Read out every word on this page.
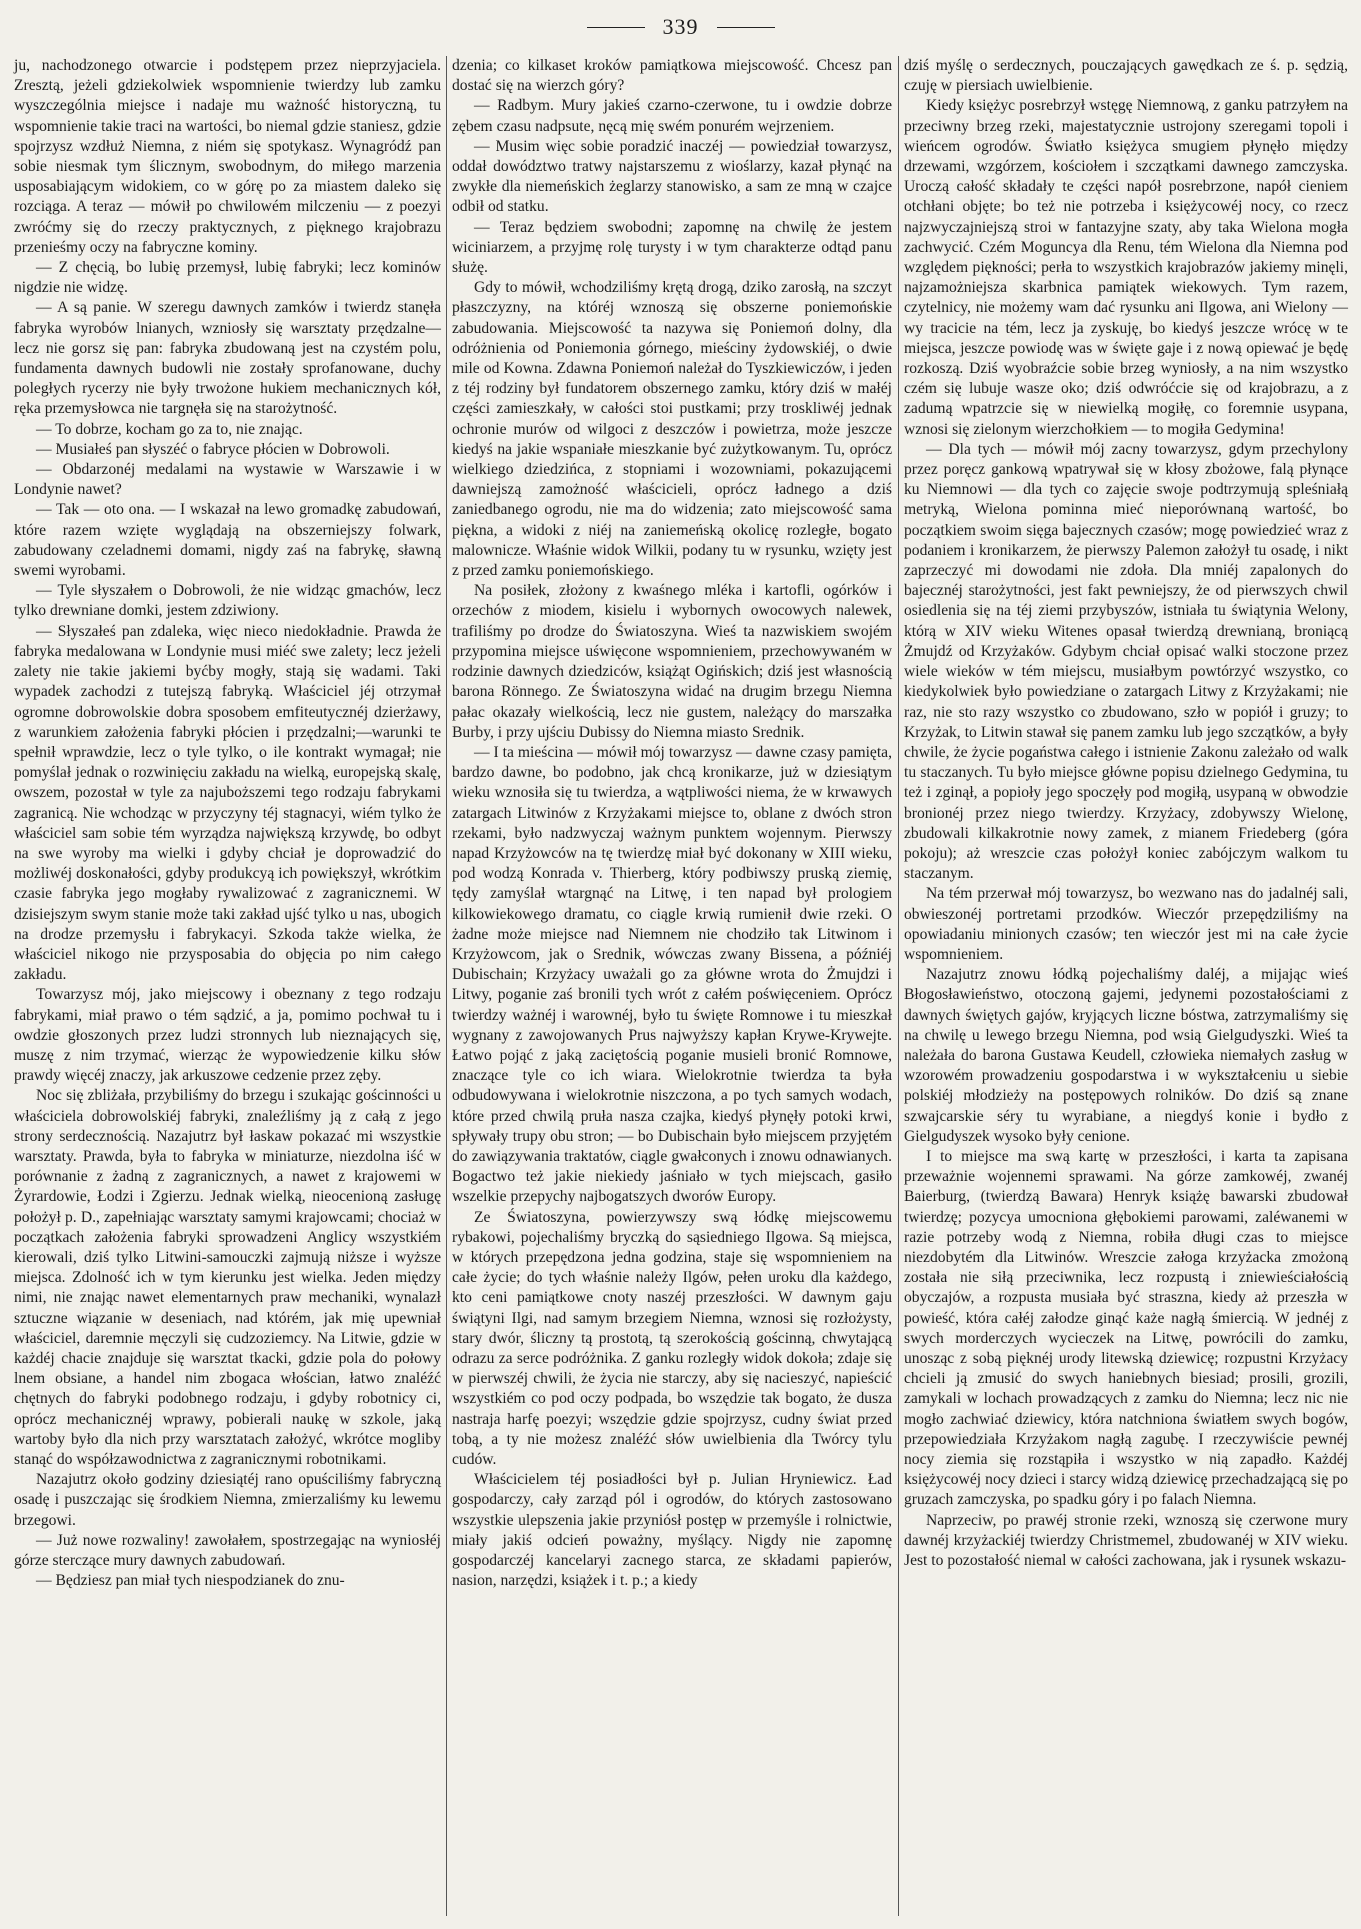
339

ju, nachodzonego otwarcie i podstępem przez nieprzyjaciela. Zresztą, jeżeli gdziekolwiek wspomnienie twierdzy lub zamku wyszczególnia miejsce i nadaje mu ważność historyczną, tu wspomnienie takie traci na wartości, bo niemal gdzie staniesz, gdzie spojrzysz wzdłuż Niemna, z niém się spotykasz. Wynagródź pan sobie niesmak tym ślicznym, swobodnym, do miłego marzenia usposabiającym widokiem, co w górę po za miastem daleko się rozciąga. A teraz — mówił po chwilowém milczeniu — z poezyi zwróćmy się do rzeczy praktycznych, z pięknego krajobrazu przenieśmy oczy na fabryczne kominy.

— Z chęcią, bo lubię przemysł, lubię fabryki; lecz kominów nigdzie nie widzę.

— A są panie. W szeregu dawnych zamków i twierdz stanęła fabryka wyrobów lnianych, wzniosły się warsztaty przędzalne—lecz nie gorsz się pan: fabryka zbudowaną jest na czystém polu, fundamenta dawnych budowli nie zostały sprofanowane, duchy poległych rycerzy nie były trwożone hukiem mechanicznych kół, ręka przemysłowca nie targnęła się na starożytność.

— To dobrze, kocham go za to, nie znając.

— Musiałeś pan słyszéć o fabryce płócien w Dobrowoli.

— Obdarzonéj medalami na wystawie w Warszawie i w Londynie nawet?

— Tak — oto ona. — I wskazał na lewo gromadkę zabudowań, które razem wzięte wyglądają na obszerniejszy folwark, zabudowany czeladnemi domami, nigdy zaś na fabrykę, sławną swemi wyrobami.

— Tyle słyszałem o Dobrowoli, że nie widząc gmachów, lecz tylko drewniane domki, jestem zdziwiony.

— Słyszałeś pan zdaleka, więc nieco niedokładnie. Prawda że fabryka medalowana w Londynie musi miéć swe zalety; lecz jeżeli zalety nie takie jakiemi byćby mogły, stają się wadami. Taki wypadek zachodzi z tutejszą fabryką. Właściciel jéj otrzymał ogromne dobrowolskie dobra sposobem emfiteutycznéj dzierżawy, z warunkiem założenia fabryki płócien i przędzalni;—warunki te spełnił wprawdzie, lecz o tyle tylko, o ile kontrakt wymagał; nie pomyślał jednak o rozwinięciu zakładu na wielką, europejską skalę, owszem, pozostał w tyle za najuboższemi tego rodzaju fabrykami zagranicą. Nie wchodząc w przyczyny téj stagnacyi, wiém tylko że właściciel sam sobie tém wyrządza największą krzywdę, bo odbyt na swe wyroby ma wielki i gdyby chciał je doprowadzić do możliwéj doskonałości, gdyby produkcyą ich powiększył, wkrótkim czasie fabryka jego mogłaby rywalizować z zagranicznemi. W dzisiejszym swym stanie może taki zakład ujść tylko u nas, ubogich na drodze przemysłu i fabrykacyi. Szkoda także wielka, że właściciel nikogo nie przysposabia do objęcia po nim całego zakładu.

Towarzysz mój, jako miejscowy i obeznany z tego rodzaju fabrykami, miał prawo o tém sądzić, a ja, pomimo pochwał tu i owdzie głoszonych przez ludzi stronnych lub nieznających się, muszę z nim trzymać, wierząc że wypowiedzenie kilku słów prawdy więcéj znaczy, jak arkuszowe cedzenie przez zęby.

Noc się zbliżała, przybiliśmy do brzegu i szukając gościnności u właściciela dobrowolskiéj fabryki, znaleźliśmy ją z całą z jego strony serdecznością. Nazajutrz był łaskaw pokazać mi wszystkie warsztaty. Prawda, była to fabryka w miniaturze, niezdolna iść w porównanie z żadną z zagranicznych, a nawet z krajowemi w Żyrardowie, Łodzi i Zgierzu. Jednak wielką, nieocenioną zasługę położył p. D., zapełniając warsztaty samymi krajowcami; chociaż w początkach założenia fabryki sprowadzeni Anglicy wszystkiém kierowali, dziś tylko Litwini-samouczki zajmują niższe i wyższe miejsca. Zdolność ich w tym kierunku jest wielka. Jeden między nimi, nie znając nawet elementarnych praw mechaniki, wynalazł sztuczne wiązanie w deseniach, nad którém, jak mię upewniał właściciel, daremnie męczyli się cudzoziemcy. Na Litwie, gdzie w każdéj chacie znajduje się warsztat tkacki, gdzie pola do połowy lnem obsiane, a handel nim zbogaca włościan, łatwo znaléźć chętnych do fabryki podobnego rodzaju, i gdyby robotnicy ci, oprócz mechanicznéj wprawy, pobierali naukę w szkole, jaką wartoby było dla nich przy warsztatach założyć, wkrótce mogliby stanąć do współzawodnictwa z zagranicznymi robotnikami.

Nazajutrz około godziny dziesiątéj rano opuściliśmy fabryczną osadę i puszczając się środkiem Niemna, zmierzaliśmy ku lewemu brzegowi.

— Już nowe rozwaliny! zawołałem, spostrzegając na wyniosłéj górze sterczące mury dawnych zabudowań.

— Będziesz pan miał tych niespodzianek do znu-

dzenia; co kilkaset kroków pamiątkowa miejscowość. Chcesz pan dostać się na wierzch góry?

— Radbym. Mury jakieś czarno-czerwone, tu i owdzie dobrze zębem czasu nadpsute, nęcą mię swém ponurém wejrzeniem.

— Musim więc sobie poradzić inaczéj — powiedział towarzysz, oddał dowództwo tratwy najstarszemu z wioślarzy, kazał płynąć na zwykłe dla niemeńskich żeglarzy stanowisko, a sam ze mną w czajce odbił od statku.

— Teraz będziem swobodni; zapomnę na chwilę że jestem wiciniarzem, a przyjmę rolę turysty i w tym charakterze odtąd panu służę.

Gdy to mówił, wchodziliśmy krętą drogą, dziko zarosłą, na szczyt płaszczyzny, na któréj wznoszą się obszerne poniemońskie zabudowania. Miejscowość ta nazywa się Poniemoń dolny, dla odróżnienia od Poniemonia górnego, mieściny żydowskiéj, o dwie mile od Kowna. Zdawna Poniemoń należał do Tyszkiewiczów, i jeden z téj rodziny był fundatorem obszernego zamku, który dziś w małéj części zamieszkały, w całości stoi pustkami; przy troskliwéj jednak ochronie murów od wilgoci z deszczów i powietrza, może jeszcze kiedyś na jakie wspaniałe mieszkanie być zużytkowanym. Tu, oprócz wielkiego dziedzińca, z stopniami i wozowniami, pokazującemi dawniejszą zamożność właścicieli, oprócz ładnego a dziś zaniedbanego ogrodu, nie ma do widzenia; zato miejscowość sama piękna, a widoki z niéj na zaniemeńską okolicę rozległe, bogato malownicze. Właśnie widok Wilkii, podany tu w rysunku, wzięty jest z przed zamku poniemońskiego.

Na posiłek, złożony z kwaśnego mléka i kartofli, ogórków i orzechów z miodem, kisielu i wybornych owocowych nalewek, trafiliśmy po drodze do Światoszyna. Wieś ta nazwiskiem swojém przypomina miejsce uświęcone wspomnieniem, przechowywaném w rodzinie dawnych dziedziców, książąt Ogińskich; dziś jest własnością barona Rönnego. Ze Światoszyna widać na drugim brzegu Niemna pałac okazały wielkością, lecz nie gustem, należący do marszałka Burby, i przy ujściu Dubissy do Niemna miasto Srednik.

— I ta mieścina — mówił mój towarzysz — dawne czasy pamięta, bardzo dawne, bo podobno, jak chcą kronikarze, już w dziesiątym wieku wznosiła się tu twierdza, a wątpliwości niema, że w krwawych zatargach Litwinów z Krzyżakami miejsce to, oblane z dwóch stron rzekami, było nadzwyczaj ważnym punktem wojennym. Pierwszy napad Krzyżowców na tę twierdzę miał być dokonany w XIII wieku, pod wodzą Konrada v. Thierberg, który podbiwszy pruską ziemię, tędy zamyślał wtargnąć na Litwę, i ten napad był prologiem kilkowiekowego dramatu, co ciągle krwią rumienił dwie rzeki. O żadne może miejsce nad Niemnem nie chodziło tak Litwinom i Krzyżowcom, jak o Srednik, wówczas zwany Bissena, a późniéj Dubischain; Krzyżacy uważali go za główne wrota do Żmujdzi i Litwy, poganie zaś bronili tych wrót z całém poświęceniem. Oprócz twierdzy ważnéj i warownéj, było tu święte Romnowe i tu mieszkał wygnany z zawojowanych Prus najwyższy kapłan Krywe-Krywejte. Łatwo pojąć z jaką zaciętością poganie musieli bronić Romnowe, znaczące tyle co ich wiara. Wielokrotnie twierdza ta była odbudowywana i wielokrotnie niszczona, a po tych samych wodach, które przed chwilą pruła nasza czajka, kiedyś płynęły potoki krwi, spływały trupy obu stron; — bo Dubischain było miejscem przyjętém do zawiązywania traktatów, ciągle gwałconych i znowu odnawianych. Bogactwo też jakie niekiedy jaśniało w tych miejscach, gasiło wszelkie przepychy najbogatszych dworów Europy.

Ze Światoszyna, powierzywszy swą łódkę miejscowemu rybakowi, pojechaliśmy bryczką do sąsiedniego Ilgowa. Są miejsca, w których przepędzona jedna godzina, staje się wspomnieniem na całe życie; do tych właśnie należy Ilgów, pełen uroku dla każdego, kto ceni pamiątkowe cnoty naszéj przeszłości. W dawnym gaju świątyni Ilgi, nad samym brzegiem Niemna, wznosi się rozłożysty, stary dwór, śliczny tą prostotą, tą szerokością gościnną, chwytającą odrazu za serce podróżnika. Z ganku rozległy widok dokoła; zdaje się w pierwszéj chwili, że życia nie starczy, aby się nacieszyć, napieścić wszystkiém co pod oczy podpada, bo wszędzie tak bogato, że dusza nastraja harfę poezyi; wszędzie gdzie spojrzysz, cudny świat przed tobą, a ty nie możesz znaléźć słów uwielbienia dla Twórcy tylu cudów.

Właścicielem téj posiadłości był p. Julian Hryniewicz. Ład gospodarczy, cały zarząd pól i ogrodów, do których zastosowano wszystkie ulepszenia jakie przyniósł postęp w przemyśle i rolnictwie, miały jakiś odcień poważny, myślący. Nigdy nie zapomnę gospodarczéj kancelaryi zacnego starca, ze składami papierów, nasion, narzędzi, książek i t. p.; a kiedy

dziś myślę o serdecznych, pouczających gawędkach ze ś. p. sędzią, czuję w piersiach uwielbienie.

Kiedy księżyc posrebrzył wstęgę Niemnową, z ganku patrzyłem na przeciwny brzeg rzeki, majestatycznie ustrojony szeregami topoli i wieńcem ogrodów. Światło księżyca smugiem płynęło między drzewami, wzgórzem, kościołem i szczątkami dawnego zamczyska. Uroczą całość składały te części napół posrebrzone, napół cieniem otchłani objęte; bo też nie potrzeba i księżycowéj nocy, co rzecz najzwyczajniejszą stroi w fantazyjne szaty, aby taka Wielona mogła zachwycić. Czém Moguncya dla Renu, tém Wielona dla Niemna pod względem piękności; perła to wszystkich krajobrazów jakiemy minęli, najzamożniejsza skarbnica pamiątek wiekowych. Tym razem, czytelnicy, nie możemy wam dać rysunku ani Ilgowa, ani Wielony — wy tracicie na tém, lecz ja zyskuję, bo kiedyś jeszcze wrócę w te miejsca, jeszcze powiodę was w święte gaje i z nową opiewać je będę rozkoszą. Dziś wyobraźcie sobie brzeg wyniosły, a na nim wszystko czém się lubuje wasze oko; dziś odwróćcie się od krajobrazu, a z zadumą wpatrzcie się w niewielką mogiłę, co foremnie usypana, wznosi się zielonym wierzchołkiem — to mogiła Gedymina!

— Dla tych — mówił mój zacny towarzysz, gdym przechylony przez poręcz gankową wpatrywał się w kłosy zbożowe, falą płynące ku Niemnowi — dla tych co zajęcie swoje podtrzymują spleśniałą metryką, Wielona pominna mieć nieporównaną wartość, bo początkiem swoim sięga bajecznych czasów; mogę powiedzieć wraz z podaniem i kronikarzem, że pierwszy Palemon założył tu osadę, i nikt zaprzeczyć mi dowodami nie zdoła. Dla mniéj zapalonych do bajecznéj starożytności, jest fakt pewniejszy, że od pierwszych chwil osiedlenia się na téj ziemi przybyszów, istniała tu świątynia Welony, którą w XIV wieku Witenes opasał twierdzą drewnianą, broniącą Żmujdź od Krzyżaków. Gdybym chciał opisać walki stoczone przez wiele wieków w tém miejscu, musiałbym powtórzyć wszystko, co kiedykolwiek było powiedziane o zatargach Litwy z Krzyżakami; nie raz, nie sto razy wszystko co zbudowano, szło w popiół i gruzy; to Krzyżak, to Litwin stawał się panem zamku lub jego szczątków, a były chwile, że życie pogaństwa całego i istnienie Zakonu zależało od walk tu staczanych. Tu było miejsce główne popisu dzielnego Gedymina, tu też i zginął, a popioły jego spoczęły pod mogiłą, usypaną w obwodzie bronionéj przez niego twierdzy. Krzyżacy, zdobywszy Wielonę, zbudowali kilkakrotnie nowy zamek, z mianem Friedeberg (góra pokoju); aż wreszcie czas położył koniec zabójczym walkom tu staczanym.

Na tém przerwał mój towarzysz, bo wezwano nas do jadalnéj sali, obwieszonéj portretami przodków. Wieczór przepędziliśmy na opowiadaniu minionych czasów; ten wieczór jest mi na całe życie wspomnieniem.

Nazajutrz znowu łódką pojechaliśmy daléj, a mijając wieś Błogosławieństwo, otoczoną gajemi, jedynemi pozostałościami z dawnych świętych gajów, kryjących liczne bóstwa, zatrzymaliśmy się na chwilę u lewego brzegu Niemna, pod wsią Gielgudyszki. Wieś ta należała do barona Gustawa Keudell, człowieka niemałych zasług w wzorowém prowadzeniu gospodarstwa i w wykształceniu u siebie polskiéj młodzieży na postępowych rolników. Do dziś są znane szwajcarskie séry tu wyrabiane, a niegdyś konie i bydło z Gielgudyszek wysoko były cenione.

I to miejsce ma swą kartę w przeszłości, i karta ta zapisana przeważnie wojennemi sprawami. Na górze zamkowéj, zwanéj Baierburg, (twierdzą Bawara) Henryk książę bawarski zbudował twierdzę; pozycya umocniona głębokiemi parowami, zaléwanemi w razie potrzeby wodą z Niemna, robiła długi czas to miejsce niezdobytém dla Litwinów. Wreszcie załoga krzyżacka zmożoną została nie siłą przeciwnika, lecz rozpustą i zniewieściałością obyczajów, a rozpusta musiała być straszna, kiedy aż przeszła w powieść, która całéj załodze ginąć każe nagłą śmiercią. W jednéj z swych morderczych wycieczek na Litwę, powrócili do zamku, unosząc z sobą pięknéj urody litewską dziewicę; rozpustni Krzyżacy chcieli ją zmusić do swych haniebnych biesiad; prosili, grozili, zamykali w lochach prowadzących z zamku do Niemna; lecz nic nie mogło zachwiać dziewicy, która natchniona światłem swych bogów, przepowiedziała Krzyżakom nagłą zagubę. I rzeczywiście pewnéj nocy ziemia się rozstąpiła i wszystko w nią zapadło. Każdéj księżycowéj nocy dzieci i starcy widzą dziewicę przechadzającą się po gruzach zamczyska, po spadku góry i po falach Niemna.

Naprzeciw, po prawéj stronie rzeki, wznoszą się czerwone mury dawnéj krzyżackiéj twierdzy Christmemel, zbudowanéj w XIV wieku. Jest to pozostałość niemal w całości zachowana, jak i rysunek wskazu-
